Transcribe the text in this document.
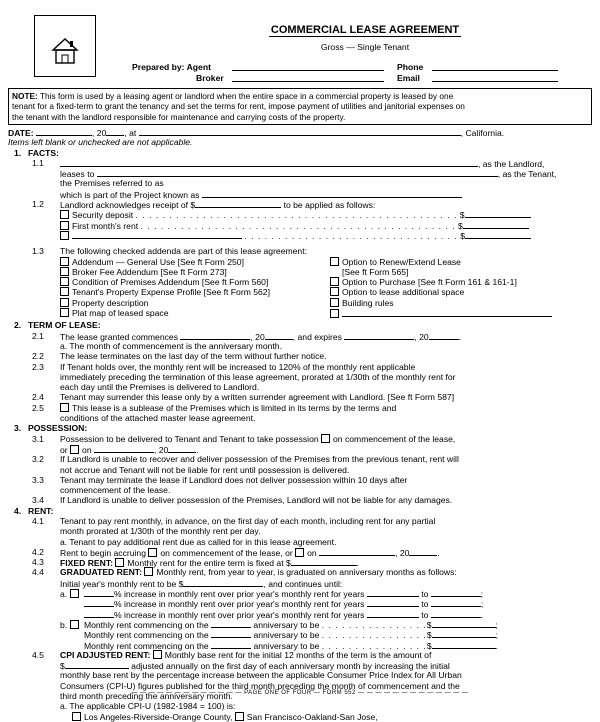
COMMERCIAL LEASE AGREEMENT
Gross — Single Tenant
Prepared by: Agent
Broker
Phone
Email
NOTE: This form is used by a leasing agent or landlord when the entire space in a commercial property is leased by one
tenant for a fixed-term to grant the tenancy and set the terms for rent, impose payment of utilities and janitorial expenses on
the tenant with the landlord responsible for maintenance and carrying costs of the property.
DATE:	, 20 , at	, California.
Items left blank or unchecked are not applicable.
1. FACTS:
1.1	, as the Landlord,
leases to	, as the Tenant,
the Premises referred to as
which is part of the Project known as
1.2 Landlord acknowledges receipt of $	to be applied as follows:
Security deposit . . . . . . . . . . . . . . . . . . . . . . . . . . . . . . . . . . . . . . . . . . . . . . . . $
First month's rent . . . . . . . . . . . . . . . . . . . . . . . . . . . . . . . . . . . . . . . . . . . . . . . $
. . . . . . . . . . . . . . . . . . . . . . . . . . . . . . . . $
1.3 The following checked addenda are part of this lease agreement:
Addendum — General Use [See ft Form 250]	Option to Renew/Extend Lease
Broker Fee Addendum [See ft Form 273]	[See ft Form 565]
Condition of Premises Addendum [See ft Form 560]	Option to Purchase [See ft Form 161 & 161-1]
Tenant's Property Expense Profile [See ft Form 562]	Option to lease additional space
Property description	Building rules
Plat map of leased space
2. TERM OF LEASE:
2.1 The lease granted commences	, 20	, and expires	, 20	.
a. The month of commencement is the anniversary month.
2.2 The lease terminates on the last day of the term without further notice.
2.3 If Tenant holds over, the monthly rent will be increased to 120% of the monthly rent applicable
immediately preceding the termination of this lease agreement, prorated at 1/30th of the monthly rent for
each day until the Premises is delivered to Landlord.
2.4 Tenant may surrender this lease only by a written surrender agreement with Landlord. [See ft Form 587]
2.5	This lease is a sublease of the Premises which is limited in its terms by the terms and
conditions of the attached master lease agreement.
3. POSSESSION:
3.1 Possession to be delivered to Tenant and Tenant to take possession on commencement of the lease,
or on	, 20	.
3.2 If Landlord is unable to recover and deliver possession of the Premises from the previous tenant, rent will
not accrue and Tenant will not be liable for rent until possession is delivered.
3.3 Tenant may terminate the lease if Landlord does not deliver possession within 10 days after
commencement of the lease.
3.4 If Landlord is unable to deliver possession of the Premises, Landlord will not be liable for any damages.
4. RENT:
4.1 Tenant to pay rent monthly, in advance, on the first day of each month, including rent for any partial
month prorated at 1/30th of the monthly rent per day.
a. Tenant to pay additional rent due as called for in this lease agreement.
4.2 Rent to begin accruing on commencement of the lease, or on	, 20	.
4.3 FIXED RENT: Monthly rent for the entire term is fixed at $	.
4.4 GRADUATED RENT: Monthly rent, from year to year, is graduated on anniversary months as follows:
Initial year's monthly rent to be $	, and continues until:
a.	% increase in monthly rent over prior year's monthly rent for years	to	;
% increase in monthly rent over prior year's monthly rent for years	to	;
% increase in monthly rent over prior year's monthly rent for years	to	.
b. Monthly rent commencing on the	anniversary to be . . . . . . . . . . . . . . . .$	;
Monthly rent commencing on the	anniversary to be . . . . . . . . . . . . . . . .$	;
Monthly rent commencing on the	anniversary to be . . . . . . . . . . . . . . . .$	.
4.5 CPI ADJUSTED RENT: Monthly base rent for the initial 12 months of the term is the amount of
$	adjusted annually on the first day of each anniversary month by increasing the initial
monthly base rent by the percentage increase between the applicable Consumer Price Index for All Urban
Consumers (CPI-U) figures published for the third month preceding the month of commencement and the
third month preceding the anniversary month.
a. The applicable CPI-U (1982-1984 = 100) is:
Los Angeles-Riverside-Orange County, San Francisco-Oakland-San Jose,
— — — — — — — — — — — — — PAGE ONE OF FOUR — FORM 552 — — — — — — — — — — — — —
